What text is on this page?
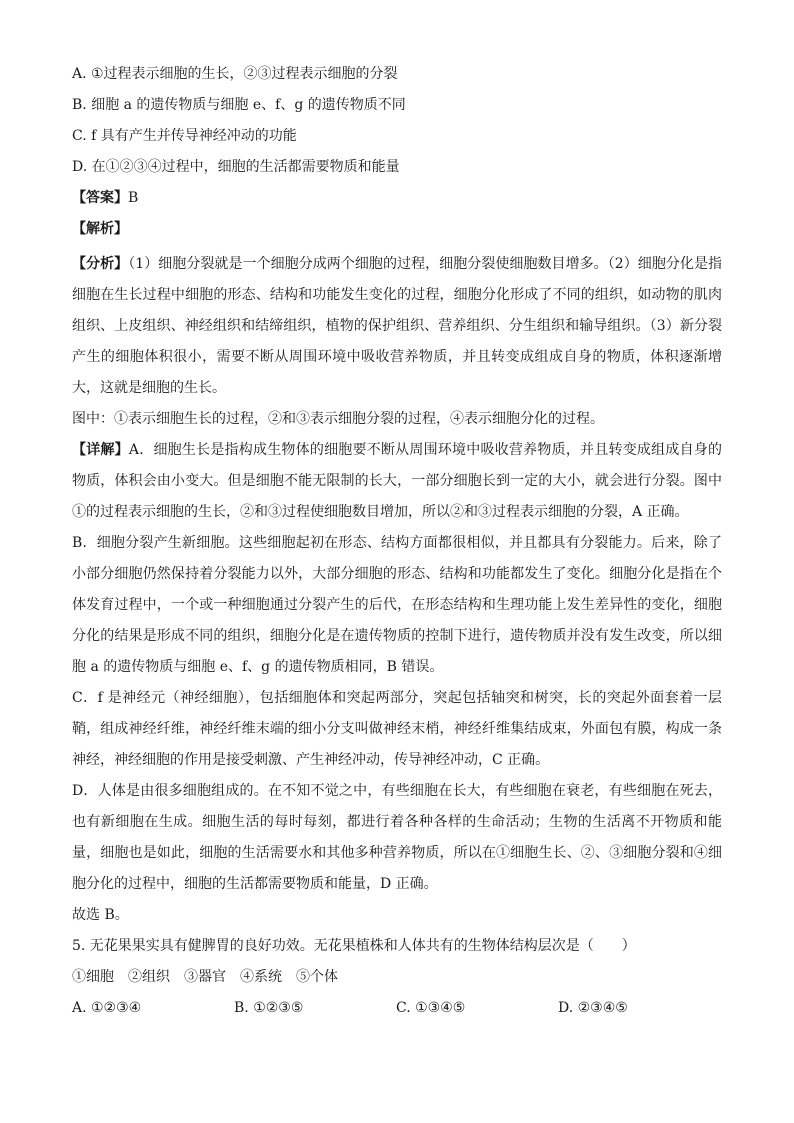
A. ①过程表示细胞的生长，②③过程表示细胞的分裂
B. 细胞 a 的遗传物质与细胞 e、f、g 的遗传物质不同
C. f 具有产生并传导神经冲动的功能
D. 在①②③④过程中，细胞的生活都需要物质和能量
【答案】B
【解析】

【分析】（1）细胞分裂就是一个细胞分成两个细胞的过程，细胞分裂使细胞数目增多。（2）细胞分化是指细胞在生长过程中细胞的形态、结构和功能发生变化的过程，细胞分化形成了不同的组织，如动物的肌肉组织、上皮组织、神经组织和结缔组织，植物的保护组织、营养组织、分生组织和输导组织。（3）新分裂产生的细胞体积很小，需要不断从周围环境中吸收营养物质，并且转变成组成自身的物质，体积逐渐增大，这就是细胞的生长。

图中：①表示细胞生长的过程，②和③表示细胞分裂的过程，④表示细胞分化的过程。

【详解】A．细胞生长是指构成生物体的细胞要不断从周围环境中吸收营养物质，并且转变成组成自身的物质，体积会由小变大。但是细胞不能无限制的长大，一部分细胞长到一定的大小，就会进行分裂。图中①的过程表示细胞的生长，②和③过程使细胞数目增加，所以②和③过程表示细胞的分裂，A 正确。

B．细胞分裂产生新细胞。这些细胞起初在形态、结构方面都很相似，并且都具有分裂能力。后来，除了小部分细胞仍然保持着分裂能力以外，大部分细胞的形态、结构和功能都发生了变化。细胞分化是指在个体发育过程中，一个或一种细胞通过分裂产生的后代，在形态结构和生理功能上发生差异性的变化，细胞分化的结果是形成不同的组织，细胞分化是在遗传物质的控制下进行，遗传物质并没有发生改变，所以细胞 a 的遗传物质与细胞 e、f、g 的遗传物质相同，B 错误。

C．f 是神经元（神经细胞），包括细胞体和突起两部分，突起包括轴突和树突，长的突起外面套着一层鞘，组成神经纤维，神经纤维末端的细小分支叫做神经末梢，神经纤维集结成束，外面包有膜，构成一条神经，神经细胞的作用是接受刺激、产生神经冲动，传导神经冲动，C 正确。

D．人体是由很多细胞组成的。在不知不觉之中，有些细胞在长大，有些细胞在衰老，有些细胞在死去，也有新细胞在生成。细胞生活的每时每刻，都进行着各种各样的生命活动；生物的生活离不开物质和能量，细胞也是如此，细胞的生活需要水和其他多种营养物质，所以在①细胞生长、②、③细胞分裂和④细胞分化的过程中，细胞的生活都需要物质和能量，D 正确。

故选 B。

5. 无花果果实具有健脾胃的良好功效。无花果植株和人体共有的生物体结构层次是（　　）

①细胞　②组织　③器官　④系统　⑤个体

A. ①②③④	B. ①②③⑤	C. ①③④⑤	D. ②③④⑤
